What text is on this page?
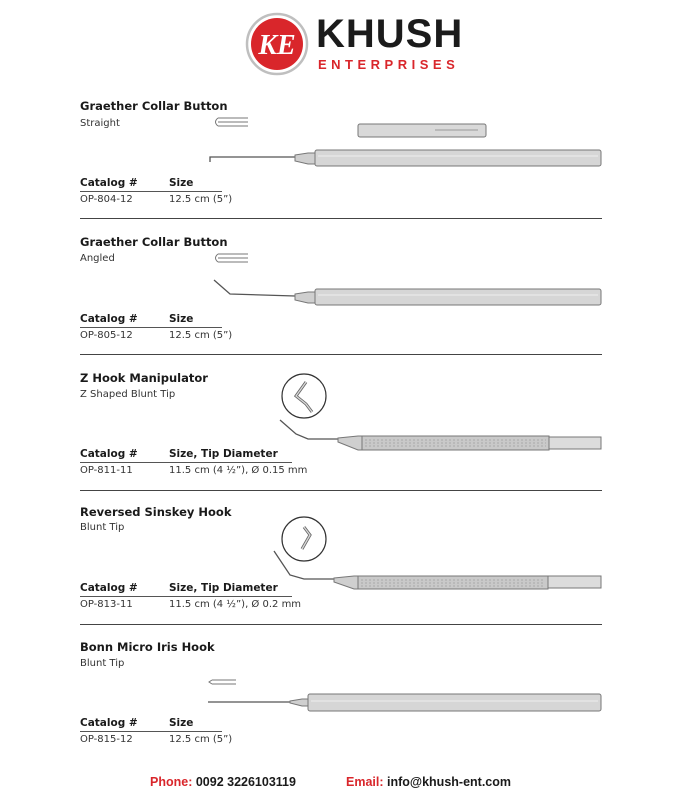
KE KHUSH
ENTERPRISES
Graether Collar Button
Straight
Catalog #	Size
OP-804-12	12.5 cm (5”)
Graether Collar Button
Angled
Catalog #	Size
OP-805-12	12.5 cm (5”)
Z Hook Manipulator
Z Shaped Blunt Tip
Catalog #	Size, Tip Diameter
OP-811-11	11.5 cm (4 ½”), Ø 0.15 mm
Reversed Sinskey Hook
Blunt Tip
Catalog #	Size, Tip Diameter
OP-813-11	11.5 cm (4 ½”), Ø 0.2 mm
Bonn Micro Iris Hook
Blunt Tip
Catalog #	Size
OP-815-12	12.5 cm (5”)
Phone: 0092 3226103119	Email: info@khush-ent.com
